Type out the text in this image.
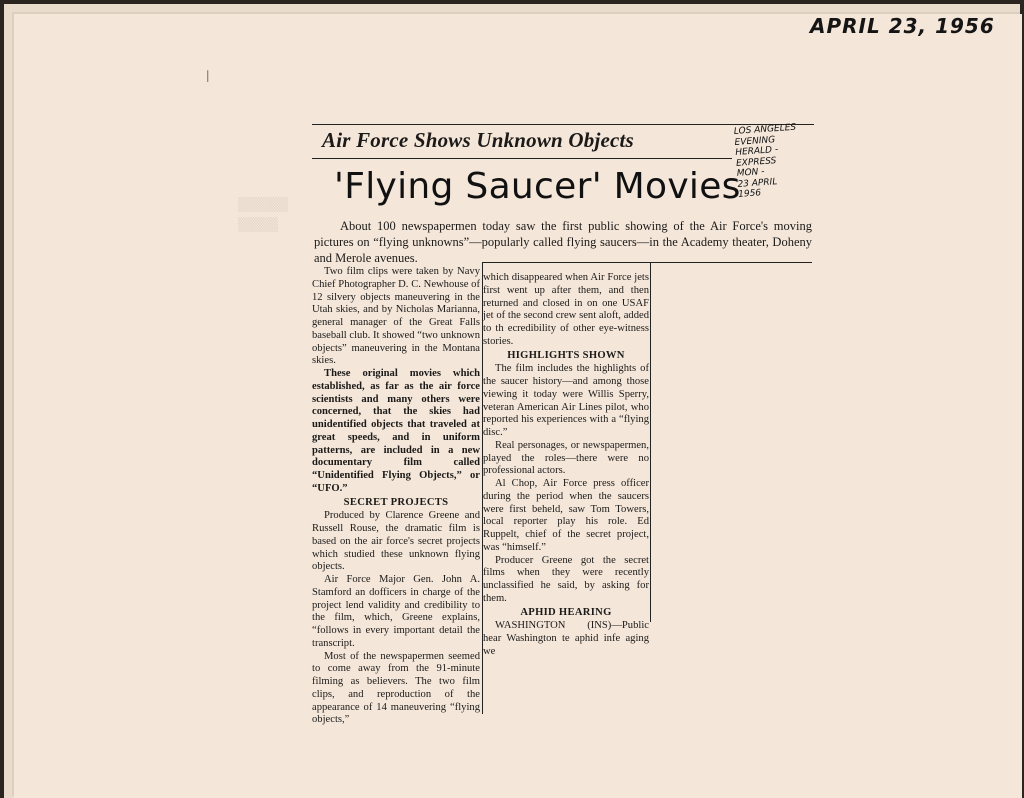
APRIL 23, 1956
▒▒▒▒▒
▒▒▒▒
׀
Air Force Shows Unknown Objects	LOS ANGELES
EVENING
HERALD -
EXPRESS
MON -
23 APRIL
1956
'Flying Saucer' Movies
About 100 newspapermen today saw the first public showing of the Air Force's moving pictures on “flying unknowns”—popularly called flying saucers—in the Academy theater, Doheny and Merole avenues.

Two film clips were taken by Navy Chief Photographer D. C. Newhouse of 12 silvery objects maneuvering in the Utah skies, and by Nicholas Marianna, general manager of the Great Falls baseball club. It showed “two unknown objects” maneuvering in the Montana skies.

These original movies which established, as far as the air force scientists and many others were concerned, that the skies had unidentified objects that traveled at great speeds, and in uniform patterns, are included in a new documentary film called “Unidentified Flying Objects,” or “UFO.”

SECRET PROJECTS

Produced by Clarence Greene and Russell Rouse, the dramatic film is based on the air force's secret projects which studied these unknown flying objects.

Air Force Major Gen. John A. Stamford an dofficers in charge of the project lend validity and credibility to the film, which, Greene explains, “follows in every important detail the transcript.

Most of the newspapermen seemed to come away from the 91-minute filming as believers. The two film clips, and reproduction of the appearance of 14 maneuvering “flying objects,”

which disappeared when Air Force jets first went up after them, and then returned and closed in on one USAF jet of the second crew sent aloft, added to th ecredibility of other eye-witness stories.

HIGHLIGHTS SHOWN

The film includes the highlights of the saucer history—and among those viewing it today were Willis Sperry, veteran American Air Lines pilot, who reported his experiences with a “flying disc.”

Real personages, or newspapermen, played the roles—there were no professional actors.

Al Chop, Air Force press officer during the period when the saucers were first beheld, saw Tom Towers, local reporter play his role. Ed Ruppelt, chief of the secret project, was “himself.”

Producer Greene got the secret films when they were recently unclassified he said, by asking for them.

APHID HEARING

WASHINGTON (INS)—Public hear Washington te aphid infe aging we
